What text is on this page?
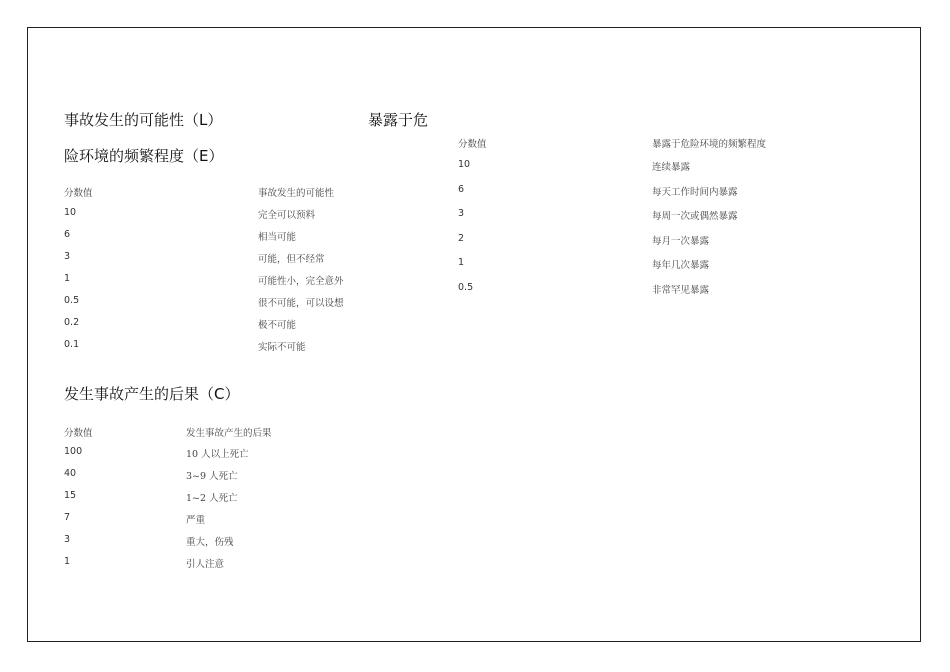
事故发生的可能性（L）	暴露于危
险环境的频繁程度（E）
发生事故产生的后果（C）
分数值	事故发生的可能性
10	完全可以预料
6	相当可能
3	可能，但不经常
1	可能性小，完全意外
0.5	很不可能，可以设想
0.2	极不可能
0.1	实际不可能
分数值	暴露于危险环境的频繁程度
10	连续暴露
6	每天工作时间内暴露
3	每周一次或偶然暴露
2	每月一次暴露
1	每年几次暴露
0.5	非常罕见暴露
分数值	发生事故产生的后果
100	10 人以上死亡
40	3~9 人死亡
15	1~2 人死亡
7	严重
3	重大，伤残
1	引人注意
